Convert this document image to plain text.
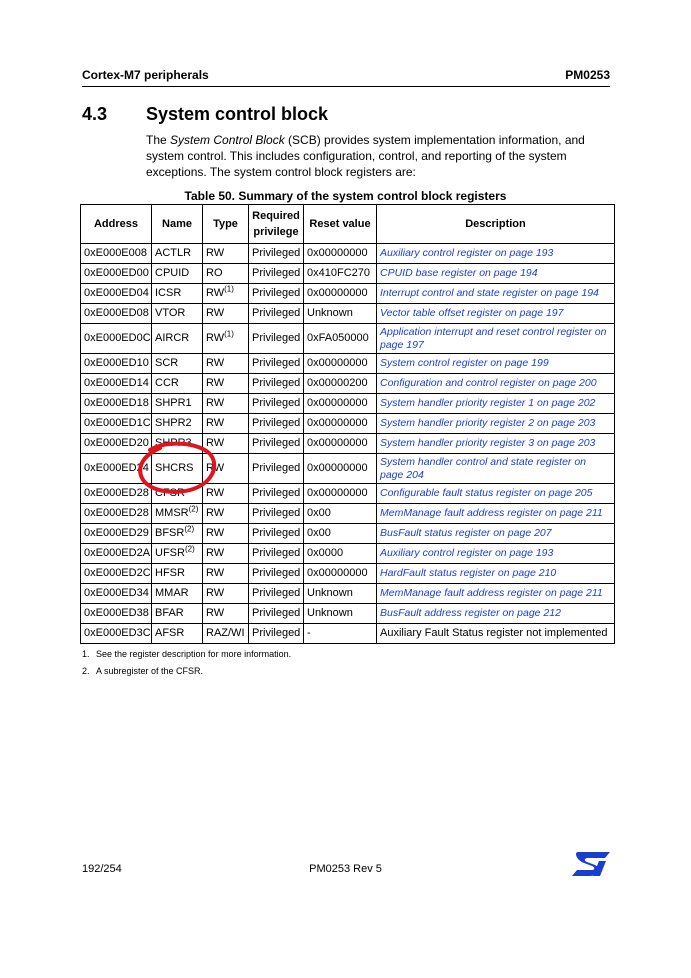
Cortex-M7 peripherals	PM0253
4.3 System control block
The System Control Block (SCB) provides system implementation information, and system control. This includes configuration, control, and reporting of the system exceptions. The system control block registers are:
Table 50. Summary of the system control block registers
Address	Name	Type	Required privilege	Reset value	Description
0xE000E008	ACTLR	RW	Privileged	0x00000000	Auxiliary control register on page 193
0xE000ED00	CPUID	RO	Privileged	0x410FC270	CPUID base register on page 194
0xE000ED04	ICSR	RW$^{(1)}$	Privileged	0x00000000	Interrupt control and state register on page 194
0xE000ED08	VTOR	RW	Privileged	Unknown	Vector table offset register on page 197
0xE000ED0C	AIRCR	RW$^{(1)}$	Privileged	0xFA050000	Application interrupt and reset control register on page 197
0xE000ED10	SCR	RW	Privileged	0x00000000	System control register on page 199
0xE000ED14	CCR	RW	Privileged	0x00000200	Configuration and control register on page 200
0xE000ED18	SHPR1	RW	Privileged	0x00000000	System handler priority register 1 on page 202
0xE000ED1C	SHPR2	RW	Privileged	0x00000000	System handler priority register 2 on page 203
0xE000ED20	SHPR3	RW	Privileged	0x00000000	System handler priority register 3 on page 203
0xE000ED24	SHCRS	RW	Privileged	0x00000000	System handler control and state register on page 204
0xE000ED28	CFSR	RW	Privileged	0x00000000	Configurable fault status register on page 205
0xE000ED28	MMSR$^{(2)}$	RW	Privileged	0x00	MemManage fault address register on page 211
0xE000ED29	BFSR$^{(2)}$	RW	Privileged	0x00	BusFault status register on page 207
0xE000ED2A	UFSR$^{(2)}$	RW	Privileged	0x0000	Auxiliary control register on page 193
0xE000ED2C	HFSR	RW	Privileged	0x00000000	HardFault status register on page 210
0xE000ED34	MMAR	RW	Privileged	Unknown	MemManage fault address register on page 211
0xE000ED38	BFAR	RW	Privileged	Unknown	BusFault address register on page 212
0xE000ED3C	AFSR	RAZ/WI	Privileged	-	Auxiliary Fault Status register not implemented
1. See the register description for more information.
2. A subregister of the CFSR.
192/254	PM0253 Rev 5
